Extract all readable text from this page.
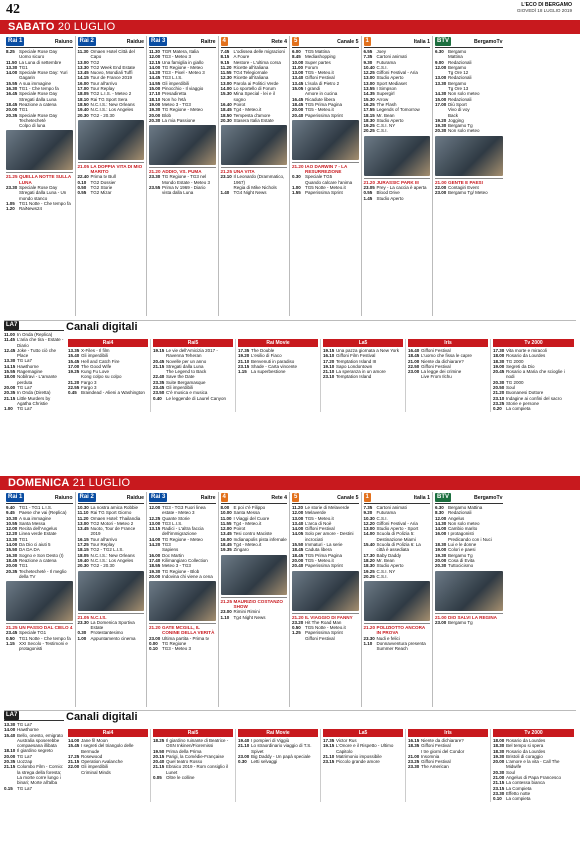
42	L'ECO DI BERGAMO
GIOVEDÌ 18 LUGLIO 2019
SABATO 20 LUGLIO
Rai 1	Raiuno
8.25 Speciale Rose Day
Uomo sicuro
11.50 La Luna di settembre
13.30 TG1
14.00 Speciale Rose Day: Yuri Gagarin
15.55 A sua immagine
16.30 TG1 - Che tempo fa
16.45 Speciale Rose Day
Stregati dalla Luna
18.45 Reazione a catena
20.00 TG1
20.35 Speciale Rose Day
Techetechetè
Colpo di luna
21.25 QUELLA NOTTE SULLA LUNA
23.30 Speciale Rose Day
Stregati dalla Luna - Un mondo stanco
1.05 TG1 Notte - Che tempo fa
1.20 RaiNews24
Rai 2	Raidue
11.30 Omaen Hotel Città del Capo
13.00 TG2
13.30 TG2 Week End Estate
13.45 Nuovo, Mondiali Tuffi
14.15 Tour de France 2019
16.00 Tour all'arrivo
17.00 Tour Replay
18.05 TG2 L.I.S. - Meteo 2
18.10 Rai TG Sport Sera
18.50 N.C.I.S.: New Orleans
19.40 N.C.I.S.: Los Angeles
20.30 TG2 - 20.30
21.05 LA DOPPIA VITA DI MIO MARITO
22.40 Prima tv Bull
0.10 TG2 Dossier
0.50 TG2 Storie
0.55 TG2 Mizar
Rai 3	Raitre
11.30 TGR Matera, Italia
12.00 TG3 - Meteo 3
12.15 Una famiglia in giallo
14.00 TG Regione - Meteo
14.20 TG3 - Pixel - Meteo 3
14.45 TG3 L.I.S.
14.55 Gli imperdibili
15.00 Pinocchio - Il viaggio
17.10 Presadiretta
18.10 Non ho l'età
19.00 Meteo 3 - TG3
19.30 TG Regione - Meteo
20.00 Blob
20.30 La mia Passione
21.20 ADDIO, VS. PUMA
23.30 TG Regione - TG3 nel Mondo Estate - Meteo 3
23.55 Prima tv 1969 - Diario vista dalla Luna
4	Rete 4
7.45 L'odissea delle migrazioni
8.15 A Foure
9.15 Nestore - L'ultima corsa
11.20 Ricette all'italiana
11.55 TG4 Telegiornale
12.30 Ricette all'italiana
13.00 Parola ai Politici Verde
14.00 Lo sportello di Forum
15.30 Mina Special - lei e il sogno
16.40 Poirot
18.45 Tg4 - Meteo.it
18.50 Tempesta d'amore
20.30 Stasera Italia Estate
21.25 UNA VITA
23.10 Il Leonardo (Drammatico, 1967)
Regia di Mike Nichols
1.40 TG4 Night News
5	Canale 5
6.00 TG5 Mattina
8.45 Mediashopping
10.00 Super partes
11.00 Forum
13.00 TG5 - Meteo.it
13.40 Giffoni Festival
13.45 L'isola di Pietro 2
15.05 I grandi
Amore in cucina
16.45 Ricadute libera
18.45 TG5 Prima Pagina
20.00 TG5 - Meteo.it
20.40 Paperissima Sprint
21.20 IAO DARWIN 7 - LA RESURREZIONE
0.30 Speciale TG5
Quando calcare l'anima
1.00 TG5 Notte - Meteo.it
1.55 Paperissima Sprint
1	Italia 1
6.55 Joey
7.35 Cartoni animati
9.30 Futurama
10.40 C.S.I.
12.25 Giffoni Festival - Aria
13.00 Studio Aperto
13.00 Sport Mediaset
13.55 I Simpson
14.35 Supergirl
15.30 Arrow
16.25 The Flash
17.55 Legends of Tomorrow
18.15 Mr. Bean
18.30 Studio Aperto
19.25 C.S.I. NY
20.25 C.S.I.
21.20 JURASSIC PARK III
23.05 Prey - La caccia è aperta
0.55 Blood Drive
1.45 Studio Aperto
BTV	BergamoTv
6.30 Bergamo
Mattina
9.00 Redazionali
12.00 Bergamo
Tg Ore 12
13.00 Redazionali
13.30 Bergamo
Tg Ore 13
14.30 Non solo meteo
15.00 Redazionali
17.00 Diù Sport
Vivo di voy
Back
19.20 Jogging
19.30 Bergamo Tg
20.30 Non solo meteo
21.00 GENTE E PAESI
22.00 Contagiri Event
23.00 Bergamo Tg/ Meteo
LA7
11.00 In Onda (Replica)
11.45 L'aria che tira - Estate - Diario
12.45 Joke - Tutto ciò che Place
13.30 TG La7
14.15 Hawthorne
15.55 Ragemagine
18.00 Nobilravi - L'amante perduta
20.00 TG La7
20.35 In Onda (Diretta)
21.15 Little Murders by Agatha Christie
1.00 TG La7
Canali digitali
Rai4
13.35 X-Files - Il film
15.40 Gli imperdibili
15.45 Hell and Catch Fire
17.00 The Good Wife
19.25 Kung Fu Love
Kong colpo su colpo
21.20 Fargo 3
22.55 Fargo 3
0.45 Braindead - Alieni a Washington
Rai5
19.15 Le vie dell'Amicizia 2017 - Ravenna Teheran
20.45 Novelle per un anno
21.15 Stregati dalla Luna
The Legend to Back
22.40 Save the Date
23.35 Suite Bergamasque
23.45 Gli imperdibili
23.50 C'è musica e musica
0.40 Le leggende di Laurel Canyon
Rai Movie
17.35 The Double
19.20 L'esilio di Fiaco
21.10 Benvenuti in paradiso
23.15 Shade - Carta vincente
1.15 La superbestione
La5
19.15 Una pazza giornata a New York
16.10 Giffoni Film Festival
17.20 Temptation Island III
19.10 Sapo Londontown
21.10 La speranza in un amore
23.10 Temptation Island
Iris
16.40 Giffoni Festival
18.45 L'uomo che fissa le capre
21.00 Niente da dichiarare?
22.50 Giffoni Festival
23.00 La legge dei crimine
Live From Ilchu
Tv 2000
17.30 Vita morte e miracoli
18.00 Rosario da Lourdes
18.30 TG 2000
19.00 Segreti da Dio
20.45 Rosario a Maria che scioglie i nodi
20.30 TG 2000
20.50 Soul
21.20 Buonanesi Dottore
23.10 Indagine ai confini del sacro
23.25 Storie e persone
0.20 La compieta
DOMENICA 21 LUGLIO
Rai 1	Raiuno
9.40 TG1 - TG1 L.I.S.
9.45 Paese che vai (Replica)
10.30 A sua immagine
10.55 Santa Messa
12.00 Recita dell'Angelus
12.20 Linea verde Estate
13.30 TG1
14.00 Da Dio ci aiuti 5
15.50 DA DA DA
16.30 Sogno e Son Desto (I)
18.45 Reazione a catena
20.00 TG1
20.35 Techetechetè - Il meglio della TV
21.25 UN PASSO DAL CIELO 4
23.45 Speciale TG1
0.50 TG1 Notte - Che tempo fa
1.15 XXI Secolo - Testimoni e protagonisti
Rai 2	Raidue
10.30 La nostra amica Robbie
11.10 Rai TG Sport Giorno
11.20 Omaen Hotel: Thailandia
13.00 TG2 Motori - Meteo 2
13.45 Nuoto, Tour de France 2019
16.15 Tour all'arrivo
17.25 Tour Replay
18.15 TG2 - TG2 L.I.S.
18.05 N.C.I.S.: New Orleans
19.40 N.C.I.S.: Los Angeles
20.30 TG2 - 20.30
21.05 N.C.I.S.
23.30 La Domenica Sportiva Estate
0.30 Protestantesimo
1.00 Appuntamento cinema
Rai 3	Raitre
12.00 TG3 - TG3 Fuori linea estate - Meteo 3
12.25 Quante Storie
13.00 TG3 L.I.S.
13.15 Radici - L'altra faccia dell'immigrazione
14.00 TG Regione - Meteo
14.20 TG3
Sapiens
16.00 Doc Martin
17.40 Kilimangiaro Collection
18.55 Meteo 3 - TG3
19.30 TG Regione - Blob
20.00 Indovina chi viene a cena
21.20 GATE MCGILL, IL CONINE DELLA VERITÀ
23.00 Ultima partita - Prima tv
0.00 TG Regione
0.10 TG3 - Meteo 3
4	Rete 4
8.00 E poi c'è Filippo
10.00 Santa Messa
11.00 I Viaggi del Cuore
11.55 Tg4 - Meteo.it
12.00 Poirot
13.45 Tesi contro Maciste
16.00 Indianapolis pista infernale
18.45 Tg4 - Meteo.it
19.35 Zingaro
21.25 MAURIZIO COSTANZO SHOW
23.00 Rimini Rimini
1.10 Tg4 Night News
5	Canale 5
11.20 Le storie di Melaverde
12.00 Melaverde
13.00 TG5 - Meteo.it
13.40 L'arca di Noè
14.00 Giffoni Festival
14.05 Solo per amore - Destini incrociati
15.50 Immaturi - La serie
18.45 Caduta libera
18.45 TG5 Prima Pagina
20.00 TG5 - Meteo.it
20.40 Paperissima Sprint
21.20 IL VIAGGIO DI FANNY
23.20 Hit The Road Man
0.50 TG5 Notte - Meteo.it
1.25 Paperissima Sprint
Giffoni Festival
1	Italia 1
7.35 Cartoni animati
9.20 Futurama
10.30 C.S.I.
12.20 Giffoni Festival - Aria
13.00 Studio Aperto - Sport
14.00 Scuola di Polizia 5: Destinazione Miami
15.40 Scuola di Polizia 6: La città è assediata
17.30 Baby Daddy
18.20 Mr. Bean
18.30 Studio Aperto
19.25 C.S.I. NY
20.25 C.S.I.
21.20 POLIZIOTTO ANCORA IN PROVA
23.30 Nudi e felici
1.10 Donnavventura presenta Summer Reach
BTV	BergamoTv
6.30 Bergamo Mattina
8.30 Redazionali
12.00 Angelus
14.30 Non solo meteo
14.00 Cambio marito
16.00 I protagonisti
Predicando con i Nuci
18.30 Lui e le donne
19.00 Colori e paesi
19.30 Bergamo Tg
20.00 Cosa di Evita
20.30 Tuttocicismo
21.00 DIO SALVI LA REGINA
23.00 Bergamo Tg
LA7
13.30 TG La7
14.00 Hawthorne
15.40 Bello, onesto, emigrato Australia sposerebbe compaesana illibata
18.10 Il giardino segreto
20.00 TG La7
20.35 Uozzap
21.15 Colombo Film - Cornio: la strega della foresta; La morte corre lungo i binari; Morte all'alba
0.15 TG La7
Canali digitali
Rai4
14.00 Jane fil Moon
15.45 I segreti del triangolo delle Bermude
17.25 Rosewood
21.15 Operation Avalanche
22.00 Gli imperdibili
Criminal Minds
Rai5
18.25 Il giardino ruinante di Beatrice - OSN Inkinen/Fioremissi
19.50 Prima della Prima
20.15 Parigi, la Comédie-Française
20.40 Quel teatro Rosso
21.15 Ebraico 2019 - Rom consiglio il Lunet
0.05 Oltre le colline
Rai Movie
19.40 I pompieri di Viggiù
21.10 Lo straordinario viaggio di T.S. Spivet
23.00 Big Daddy - Un papà speciale
0.30 Letti selvaggi
La5
17.35 Victor Rus
19.15 L'Onore e il Rispetto - Ultimo Capitolo
21.10 Matrimonio impossibile
23.15 Piccolo grande amore
Iris
16.15 Niente da dichiarare?
18.35 Giffoni Festival
I tre giorni del Condor
21.00 Insomnia
23.25 Giffoni Festival
23.30 The American
Tv 2000
18.00 Rosario da Lourdes
18.30 Bel tempo si spera
18.30 Rosario da Lourdes
19.30 Bristoli di coraggio
20.00 L'amore e la vita - Call The Midwife
20.30 Soul
21.00 Angelus di Papa Francesco
21.15 La contessa bianca
23.15 La Compieta
23.30 Effetto notte
0.10 La compieta
